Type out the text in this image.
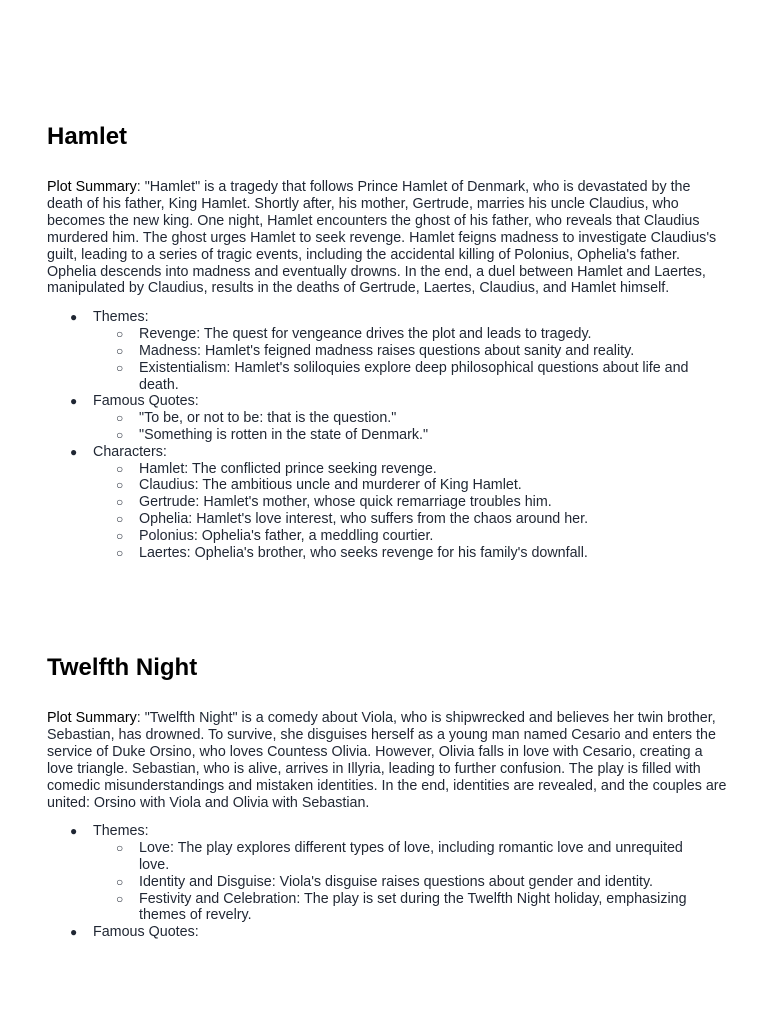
Hamlet

Plot Summary: "Hamlet" is a tragedy that follows Prince Hamlet of Denmark, who is devastated by the death of his father, King Hamlet. Shortly after, his mother, Gertrude, marries his uncle Claudius, who becomes the new king. One night, Hamlet encounters the ghost of his father, who reveals that Claudius murdered him. The ghost urges Hamlet to seek revenge. Hamlet feigns madness to investigate Claudius's guilt, leading to a series of tragic events, including the accidental killing of Polonius, Ophelia's father. Ophelia descends into madness and eventually drowns. In the end, a duel between Hamlet and Laertes, manipulated by Claudius, results in the deaths of Gertrude, Laertes, Claudius, and Hamlet himself.

● Themes:
○ Revenge: The quest for vengeance drives the plot and leads to tragedy.
○ Madness: Hamlet's feigned madness raises questions about sanity and reality.
○ Existentialism: Hamlet's soliloquies explore deep philosophical questions about life and death.
● Famous Quotes:
○ "To be, or not to be: that is the question."
○ "Something is rotten in the state of Denmark."
● Characters:
○ Hamlet: The conflicted prince seeking revenge.
○ Claudius: The ambitious uncle and murderer of King Hamlet.
○ Gertrude: Hamlet's mother, whose quick remarriage troubles him.
○ Ophelia: Hamlet's love interest, who suffers from the chaos around her.
○ Polonius: Ophelia's father, a meddling courtier.
○ Laertes: Ophelia's brother, who seeks revenge for his family's downfall.
Twelfth Night

Plot Summary: "Twelfth Night" is a comedy about Viola, who is shipwrecked and believes her twin brother, Sebastian, has drowned. To survive, she disguises herself as a young man named Cesario and enters the service of Duke Orsino, who loves Countess Olivia. However, Olivia falls in love with Cesario, creating a love triangle. Sebastian, who is alive, arrives in Illyria, leading to further confusion. The play is filled with comedic misunderstandings and mistaken identities. In the end, identities are revealed, and the couples are united: Orsino with Viola and Olivia with Sebastian.

● Themes:
○ Love: The play explores different types of love, including romantic love and unrequited love.
○ Identity and Disguise: Viola's disguise raises questions about gender and identity.
○ Festivity and Celebration: The play is set during the Twelfth Night holiday, emphasizing themes of revelry.
● Famous Quotes:
